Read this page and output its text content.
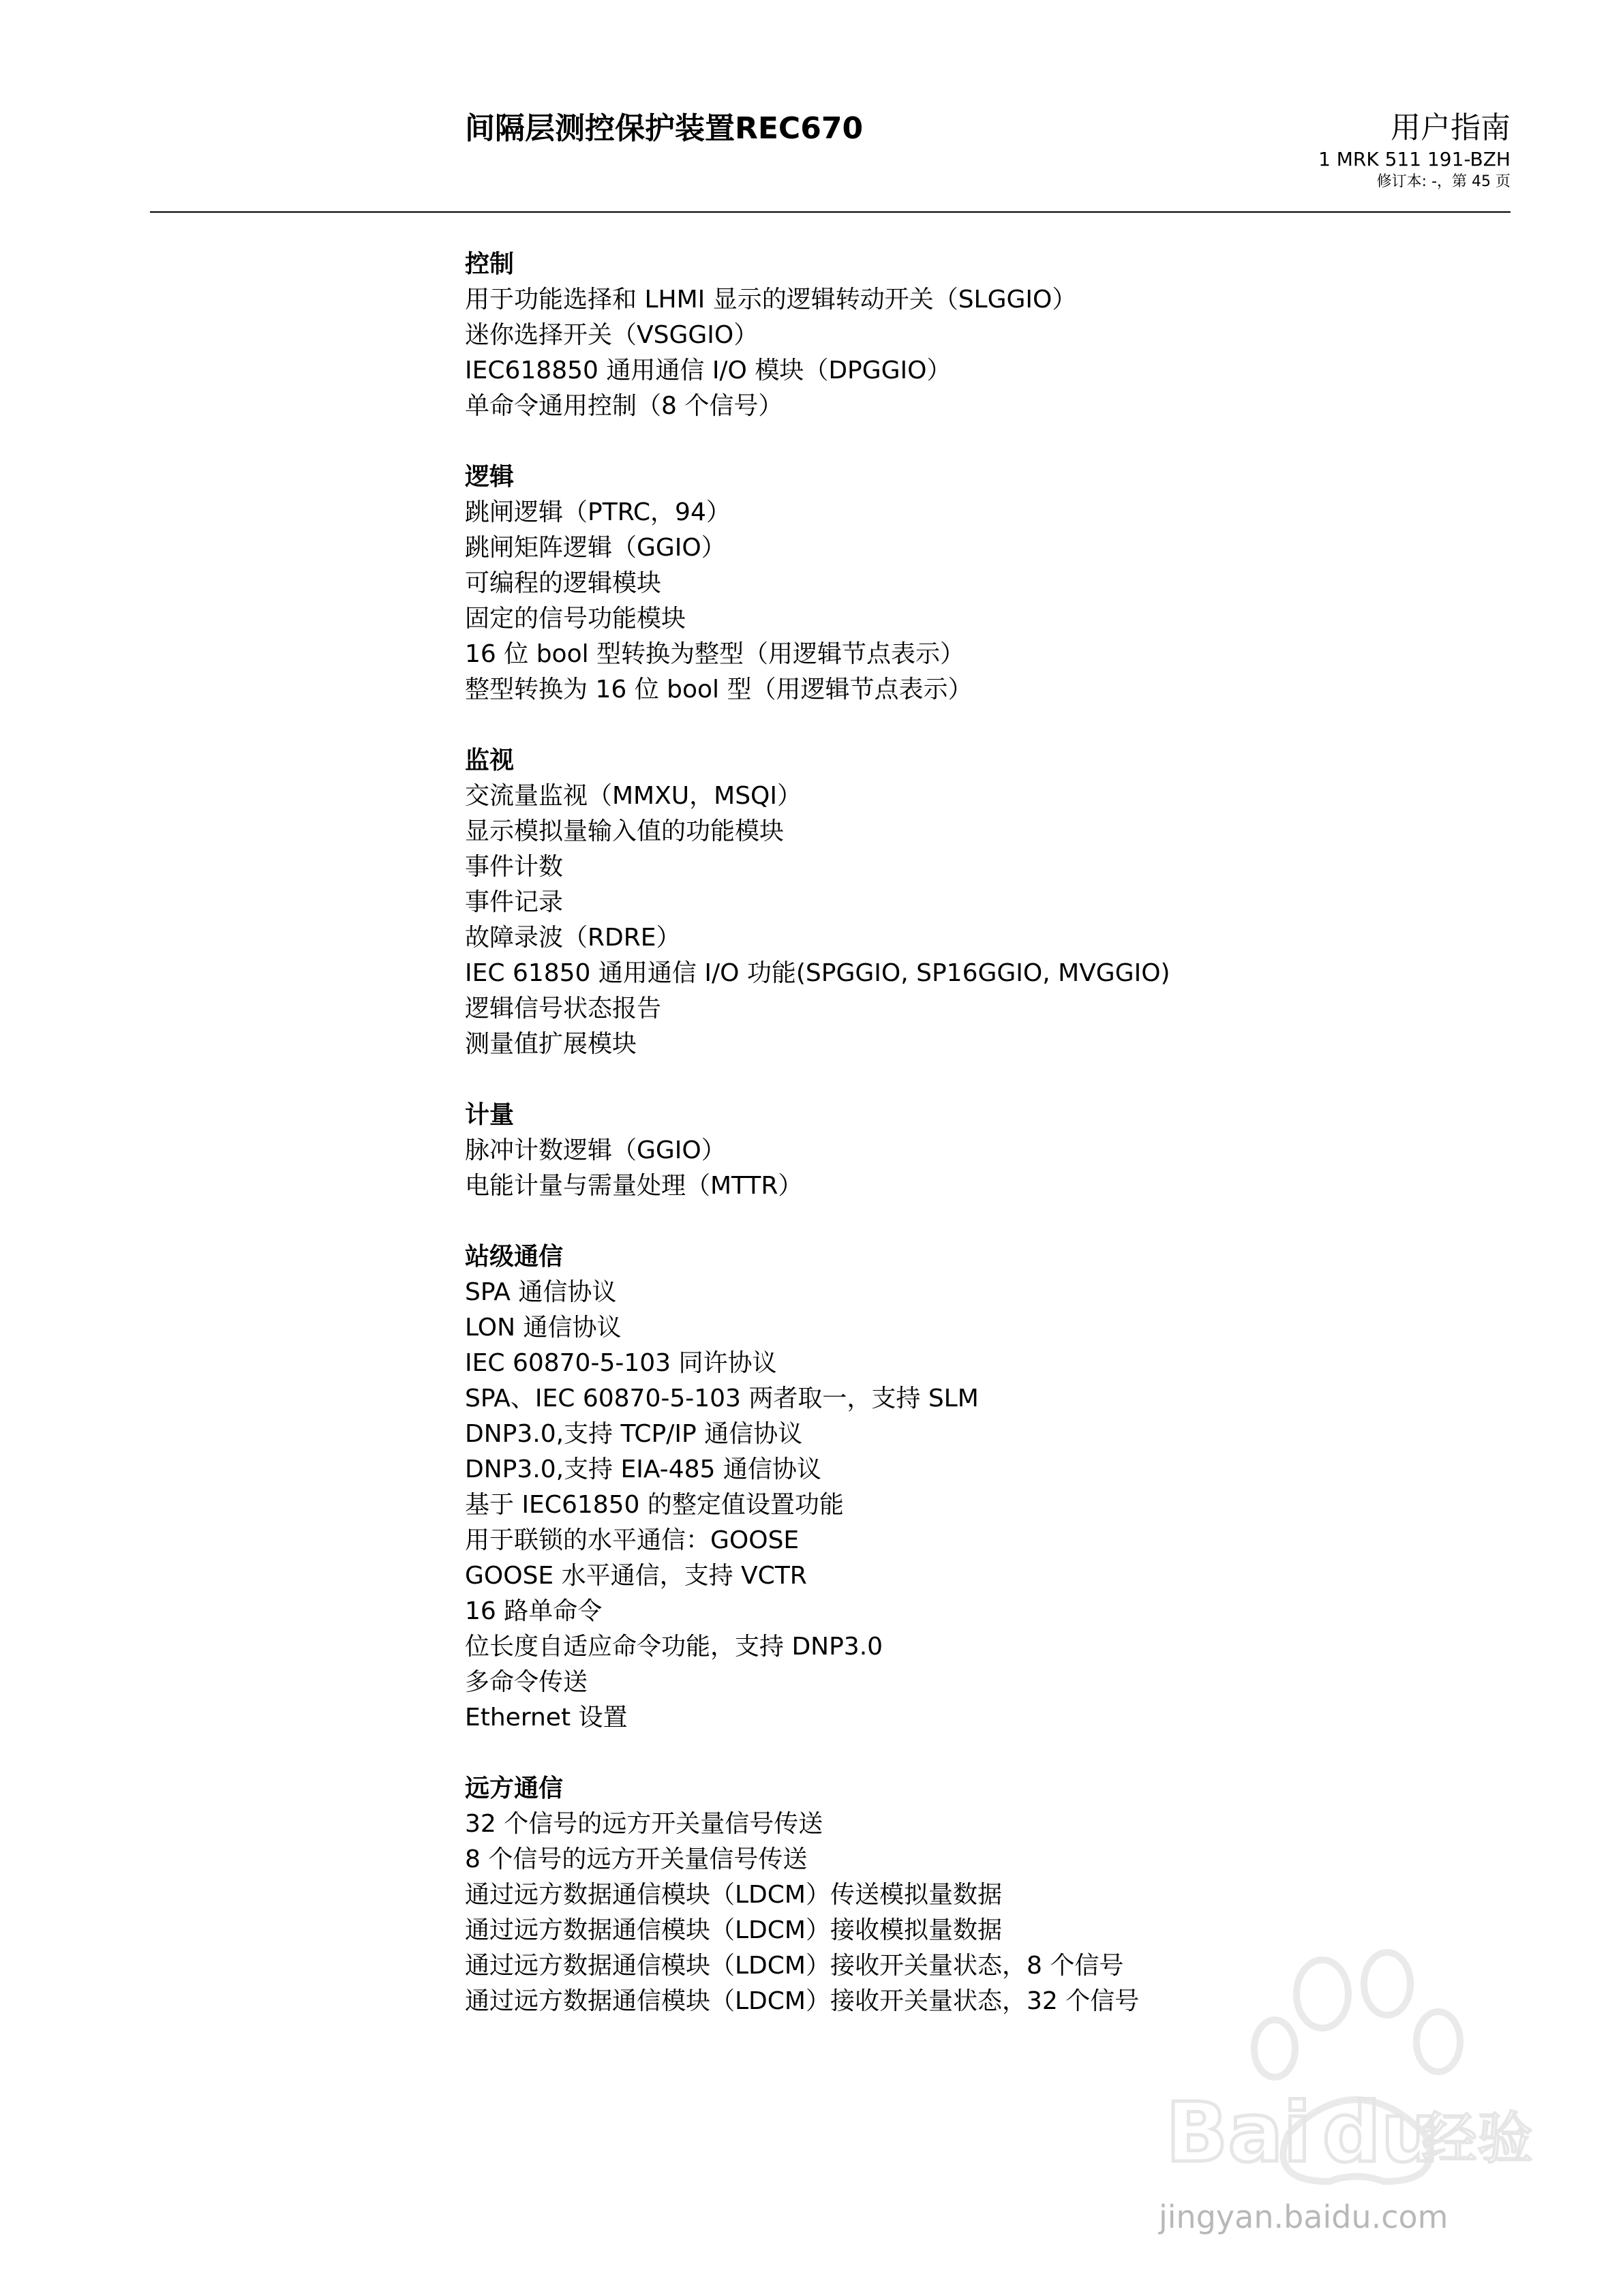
间隔层测控保护装置REC670	用户指南
1 MRK 511 191-BZH
修订本: -，第 45 页
控制
用于功能选择和 LHMI 显示的逻辑转动开关（SLGGIO）
迷你选择开关（VSGGIO）
IEC618850 通用通信 I/O 模块（DPGGIO）
单命令通用控制（8 个信号）
逻辑
跳闸逻辑（PTRC，94）
跳闸矩阵逻辑（GGIO）
可编程的逻辑模块
固定的信号功能模块
16 位 bool 型转换为整型（用逻辑节点表示）
整型转换为 16 位 bool 型（用逻辑节点表示）
监视
交流量监视（MMXU，MSQI）
显示模拟量输入值的功能模块
事件计数
事件记录
故障录波（RDRE）
IEC 61850 通用通信 I/O 功能(SPGGIO, SP16GGIO, MVGGIO)
逻辑信号状态报告
测量值扩展模块
计量
脉冲计数逻辑（GGIO）
电能计量与需量处理（MTTR）
站级通信
SPA 通信协议
LON 通信协议
IEC 60870-5-103 同许协议
SPA、IEC 60870-5-103 两者取一，支持 SLM
DNP3.0,支持 TCP/IP 通信协议
DNP3.0,支持 EIA-485 通信协议
基于 IEC61850 的整定值设置功能
用于联锁的水平通信：GOOSE
GOOSE 水平通信，支持 VCTR
16 路单命令
位长度自适应命令功能，支持 DNP3.0
多命令传送
Ethernet 设置
远方通信
32 个信号的远方开关量信号传送
8 个信号的远方开关量信号传送
通过远方数据通信模块（LDCM）传送模拟量数据
通过远方数据通信模块（LDCM）接收模拟量数据
通过远方数据通信模块（LDCM）接收开关量状态，8 个信号
通过远方数据通信模块（LDCM）接收开关量状态，32 个信号
Bai du
经验
jingyan.baidu.com
